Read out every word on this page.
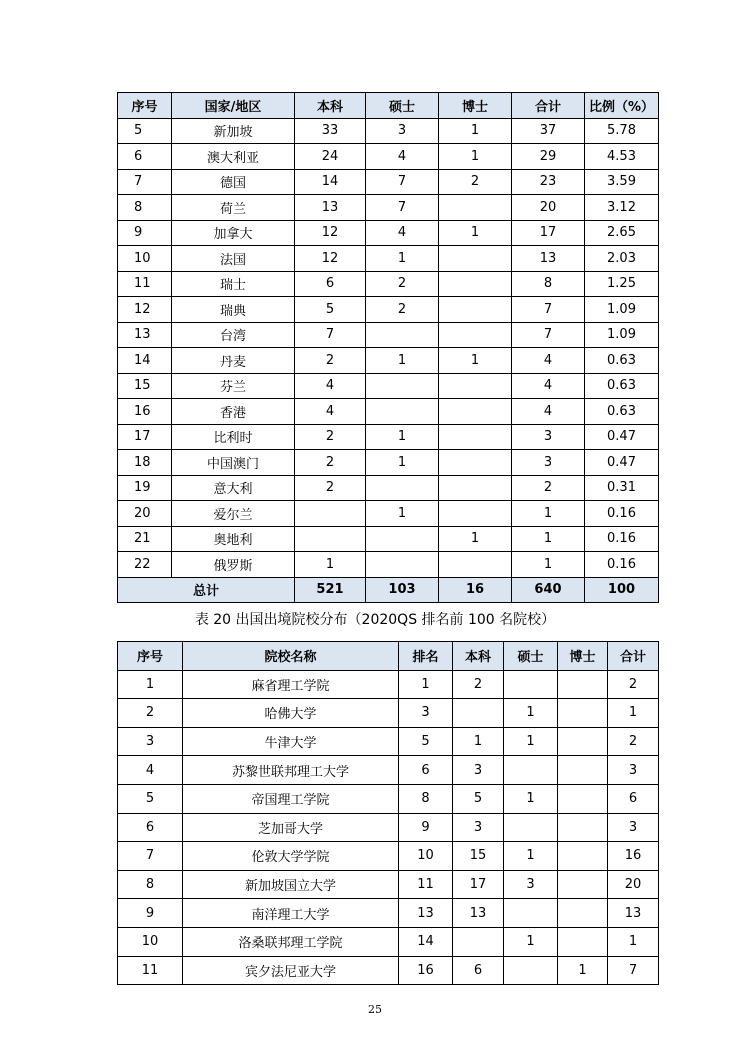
序号	国家/地区	本科	硕士	博士	合计	比例（%）
5	新加坡	33	3	1	37	5.78
6	澳大利亚	24	4	1	29	4.53
7	德国	14	7	2	23	3.59
8	荷兰	13	7		20	3.12
9	加拿大	12	4	1	17	2.65
10	法国	12	1		13	2.03
11	瑞士	6	2		8	1.25
12	瑞典	5	2		7	1.09
13	台湾	7			7	1.09
14	丹麦	2	1	1	4	0.63
15	芬兰	4			4	0.63
16	香港	4			4	0.63
17	比利时	2	1		3	0.47
18	中国澳门	2	1		3	0.47
19	意大利	2			2	0.31
20	爱尔兰		1		1	0.16
21	奥地利			1	1	0.16
22	俄罗斯	1			1	0.16
总计		521	103	16	640	100
表 20 出国出境院校分布（2020QS 排名前 100 名院校）
序号	院校名称	排名	本科	硕士	博士	合计
1	麻省理工学院	1	2			2
2	哈佛大学	3		1		1
3	牛津大学	5	1	1		2
4	苏黎世联邦理工大学	6	3			3
5	帝国理工学院	8	5	1		6
6	芝加哥大学	9	3			3
7	伦敦大学学院	10	15	1		16
8	新加坡国立大学	11	17	3		20
9	南洋理工大学	13	13			13
10	洛桑联邦理工学院	14		1		1
11	宾夕法尼亚大学	16	6		1	7
25
